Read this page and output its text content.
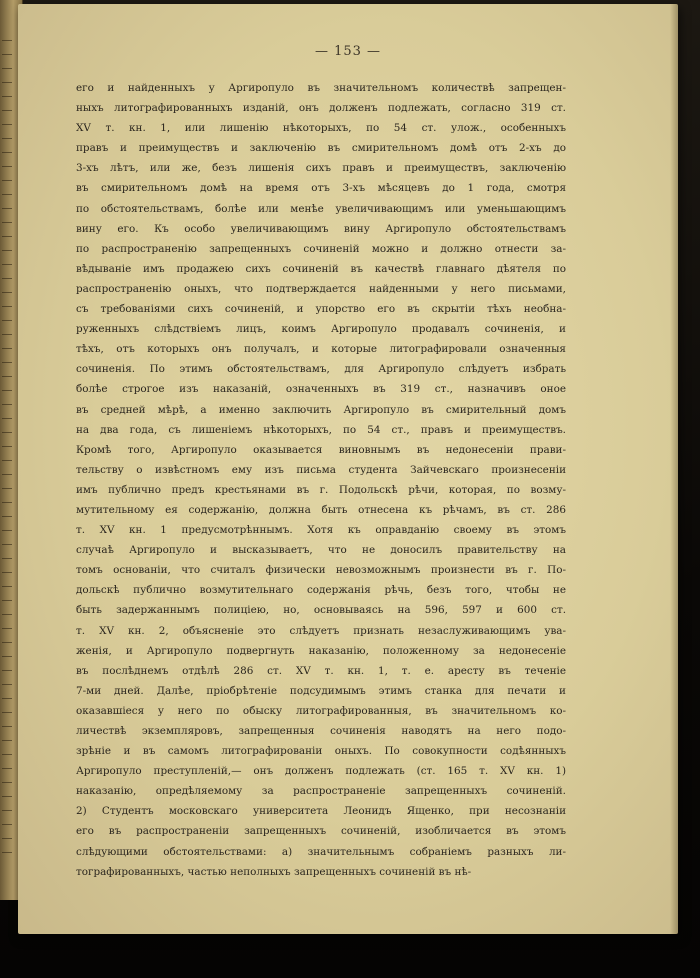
— 153 —
его и найденныхъ у Аргиропуло въ значительномъ количествѣ запрещен-
ныхъ литографированныхъ изданій, онъ долженъ подлежать, согласно 319 ст.
XV т. кн. 1, или лишенію нѣкоторыхъ, по 54 ст. улож., особенныхъ
правъ и преимуществъ и заключенію въ смирительномъ домѣ отъ 2-хъ до
3-хъ лѣтъ, или же, безъ лишенія сихъ правъ и преимуществъ, заключенію
въ смирительномъ домѣ на время отъ 3-хъ мѣсяцевъ до 1 года, смотря
по обстоятельствамъ, болѣе или менѣе увеличивающимъ или уменьшающимъ
вину его. Къ особо увеличивающимъ вину Аргиропуло обстоятельствамъ
по распространенію запрещенныхъ сочиненій можно и должно отнести за-
вѣдываніе имъ продажею сихъ сочиненій въ качествѣ главнаго дѣятеля по
распространенію оныхъ, что подтверждается найденными у него письмами,
съ требованіями сихъ сочиненій, и упорство его въ скрытіи тѣхъ необна-
руженныхъ слѣдствіемъ лицъ, коимъ Аргиропуло продавалъ сочиненія, и
тѣхъ, отъ которыхъ онъ получалъ, и которые литографировали означенныя
сочиненія. По этимъ обстоятельствамъ, для Аргиропуло слѣдуетъ избрать
болѣе строгое изъ наказаній, означенныхъ въ 319 ст., назначивъ оное
въ средней мѣрѣ, а именно заключить Аргиропуло въ смирительный домъ
на два года, съ лишеніемъ нѣкоторыхъ, по 54 ст., правъ и преимуществъ.
Кромѣ того, Аргиропуло оказывается виновнымъ въ недонесеніи прави-
тельству о извѣстномъ ему изъ письма студента Зайчевскаго произнесеніи
имъ публично предъ крестьянами въ г. Подольскѣ рѣчи, которая, по возму-
мутительному ея содержанію, должна быть отнесена къ рѣчамъ, въ ст. 286
т. XV кн. 1 предусмотрѣннымъ. Хотя къ оправданію своему въ этомъ
случаѣ Аргиропуло и высказываетъ, что не доносилъ правительству на
томъ основаніи, что считалъ физически невозможнымъ произнести въ г. По-
дольскѣ публично возмутительнаго содержанія рѣчь, безъ того, чтобы не
быть задержаннымъ полиціею, но, основываясь на 596, 597 и 600 ст.
т. XV кн. 2, объясненіе это слѣдуетъ признать незаслуживающимъ ува-
женія, и Аргиропуло подвергнуть наказанію, положенному за недонесеніе
въ послѣднемъ отдѣлѣ 286 ст. XV т. кн. 1, т. е. аресту въ теченіе
7-ми дней. Далѣе, пріобрѣтеніе подсудимымъ этимъ станка для печати и
оказавшіеся у него по обыску литографированныя, въ значительномъ ко-
личествѣ экземпляровъ, запрещенныя сочиненія наводятъ на него подо-
зрѣніе и въ самомъ литографированіи оныхъ. По совокупности содѣянныхъ
Аргиропуло преступленій,— онъ долженъ подлежать (ст. 165 т. XV кн. 1)
наказанію, опредѣляемому за распространеніе запрещенныхъ сочиненій.
2) Студентъ московскаго университета Леонидъ Ященко, при несознаніи
его въ распространеніи запрещенныхъ сочиненій, изобличается въ этомъ
слѣдующими обстоятельствами: а) значительнымъ собраніемъ разныхъ ли-
тографированныхъ, частью неполныхъ запрещенныхъ сочиненій въ нѣ-
